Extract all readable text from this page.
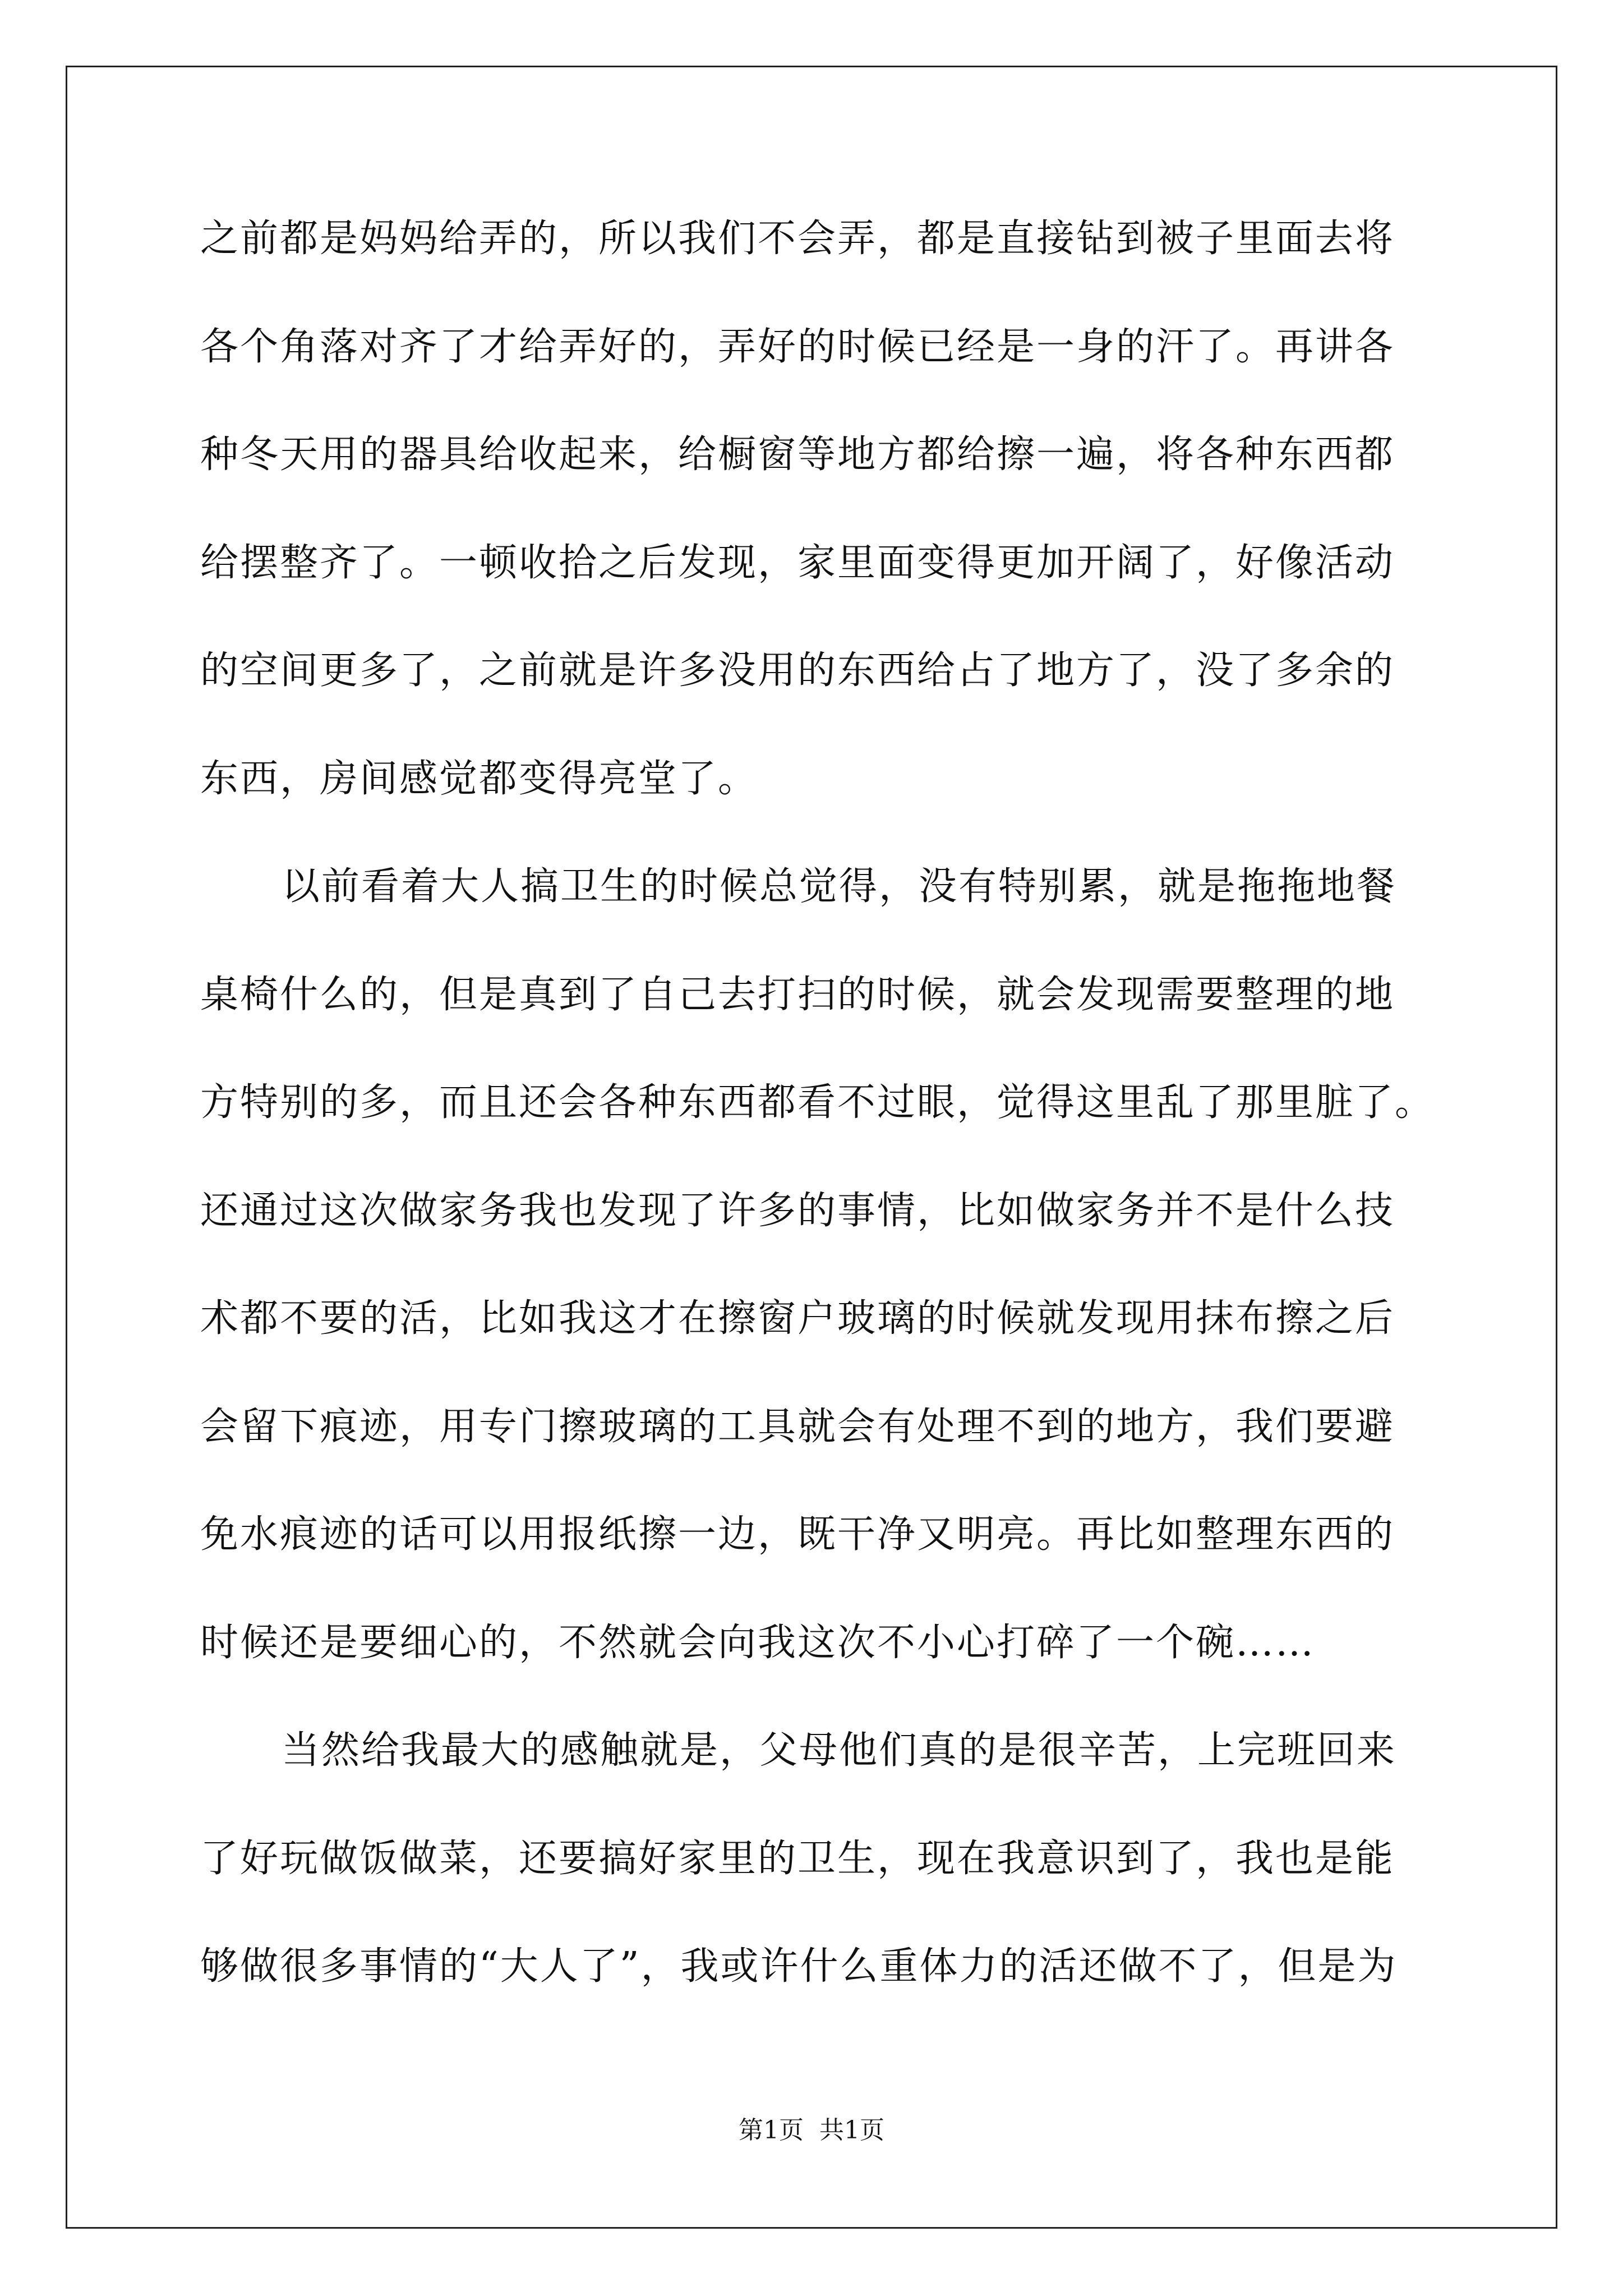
之前都是妈妈给弄的，所以我们不会弄，都是直接钻到被子里面去将
各个角落对齐了才给弄好的，弄好的时候已经是一身的汗了。再讲各
种冬天用的器具给收起来，给橱窗等地方都给擦一遍，将各种东西都
给摆整齐了。一顿收拾之后发现，家里面变得更加开阔了，好像活动
的空间更多了，之前就是许多没用的东西给占了地方了，没了多余的
东西，房间感觉都变得亮堂了。
以前看着大人搞卫生的时候总觉得，没有特别累，就是拖拖地餐
桌椅什么的，但是真到了自己去打扫的时候，就会发现需要整理的地
方特别的多，而且还会各种东西都看不过眼，觉得这里乱了那里脏了。
还通过这次做家务我也发现了许多的事情，比如做家务并不是什么技
术都不要的活，比如我这才在擦窗户玻璃的时候就发现用抹布擦之后
会留下痕迹，用专门擦玻璃的工具就会有处理不到的地方，我们要避
免水痕迹的话可以用报纸擦一边，既干净又明亮。再比如整理东西的
时候还是要细心的，不然就会向我这次不小心打碎了一个碗……
当然给我最大的感触就是，父母他们真的是很辛苦，上完班回来
了好玩做饭做菜，还要搞好家里的卫生，现在我意识到了，我也是能
够做很多事情的“大人了”，我或许什么重体力的活还做不了，但是为
第1页 共1页
